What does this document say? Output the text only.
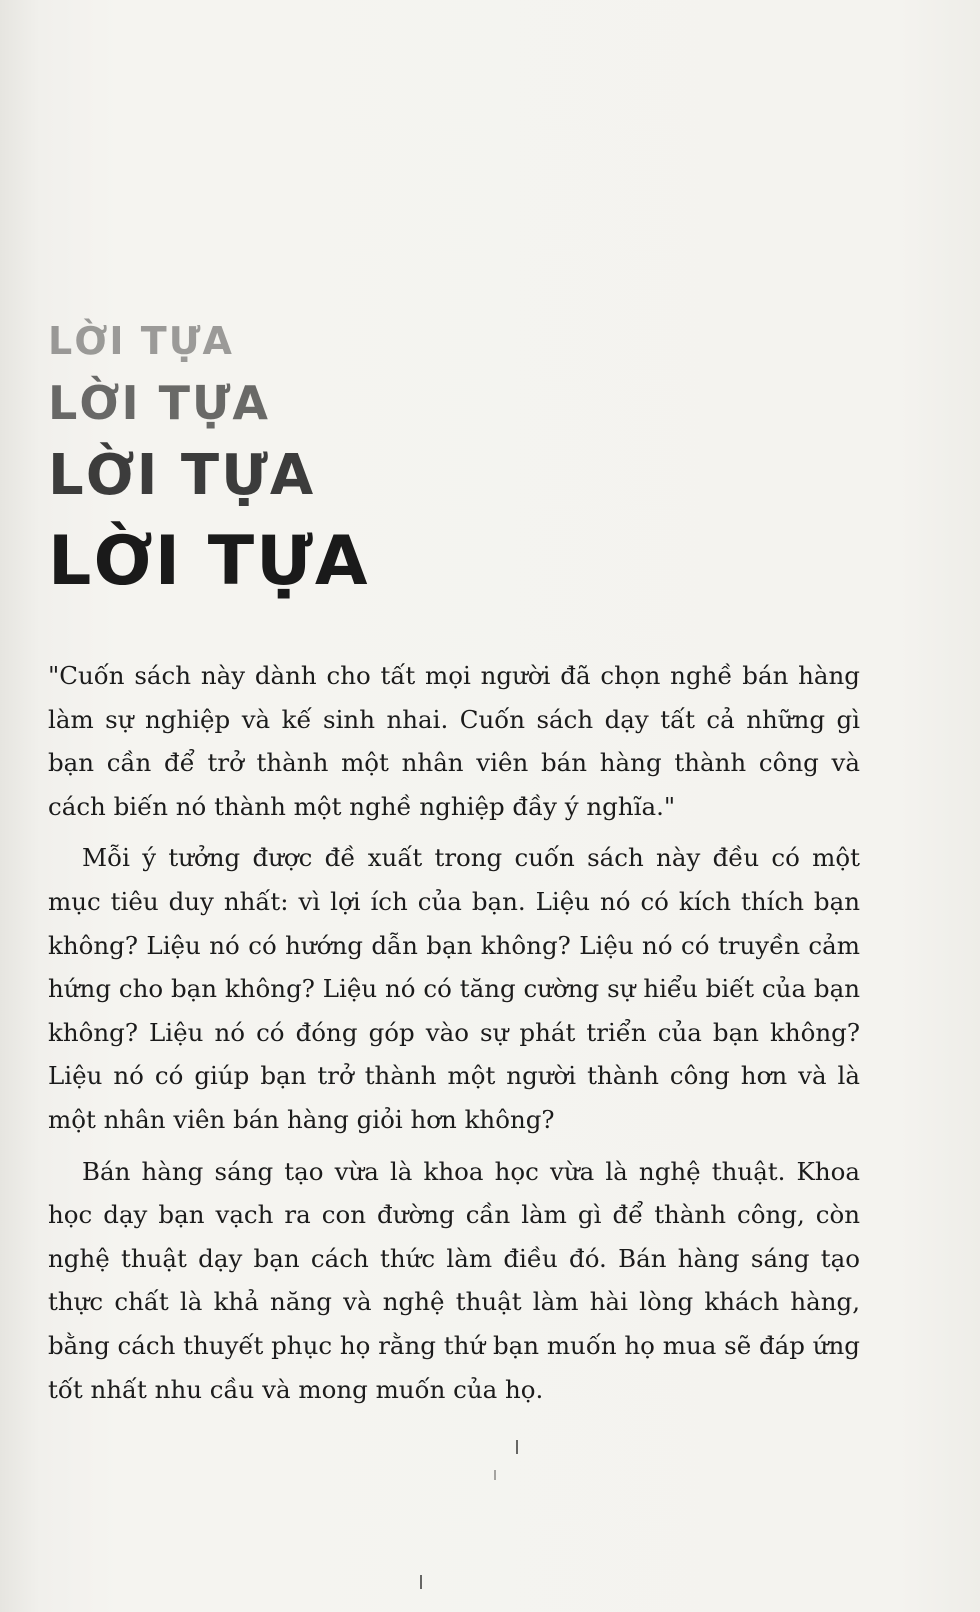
LỜI TỰA
LỜI TỰA
LỜI TỰA
LỜI TỰA

"Cuốn sách này dành cho tất mọi người đã chọn nghề bán hàng làm sự nghiệp và kế sinh nhai. Cuốn sách dạy tất cả những gì bạn cần để trở thành một nhân viên bán hàng thành công và cách biến nó thành một nghề nghiệp đầy ý nghĩa."

Mỗi ý tưởng được đề xuất trong cuốn sách này đều có một mục tiêu duy nhất: vì lợi ích của bạn. Liệu nó có kích thích bạn không? Liệu nó có hướng dẫn bạn không? Liệu nó có truyền cảm hứng cho bạn không? Liệu nó có tăng cường sự hiểu biết của bạn không? Liệu nó có đóng góp vào sự phát triển của bạn không? Liệu nó có giúp bạn trở thành một người thành công hơn và là một nhân viên bán hàng giỏi hơn không?

Bán hàng sáng tạo vừa là khoa học vừa là nghệ thuật. Khoa học dạy bạn vạch ra con đường cần làm gì để thành công, còn nghệ thuật dạy bạn cách thức làm điều đó. Bán hàng sáng tạo thực chất là khả năng và nghệ thuật làm hài lòng khách hàng, bằng cách thuyết phục họ rằng thứ bạn muốn họ mua sẽ đáp ứng tốt nhất nhu cầu và mong muốn của họ.
